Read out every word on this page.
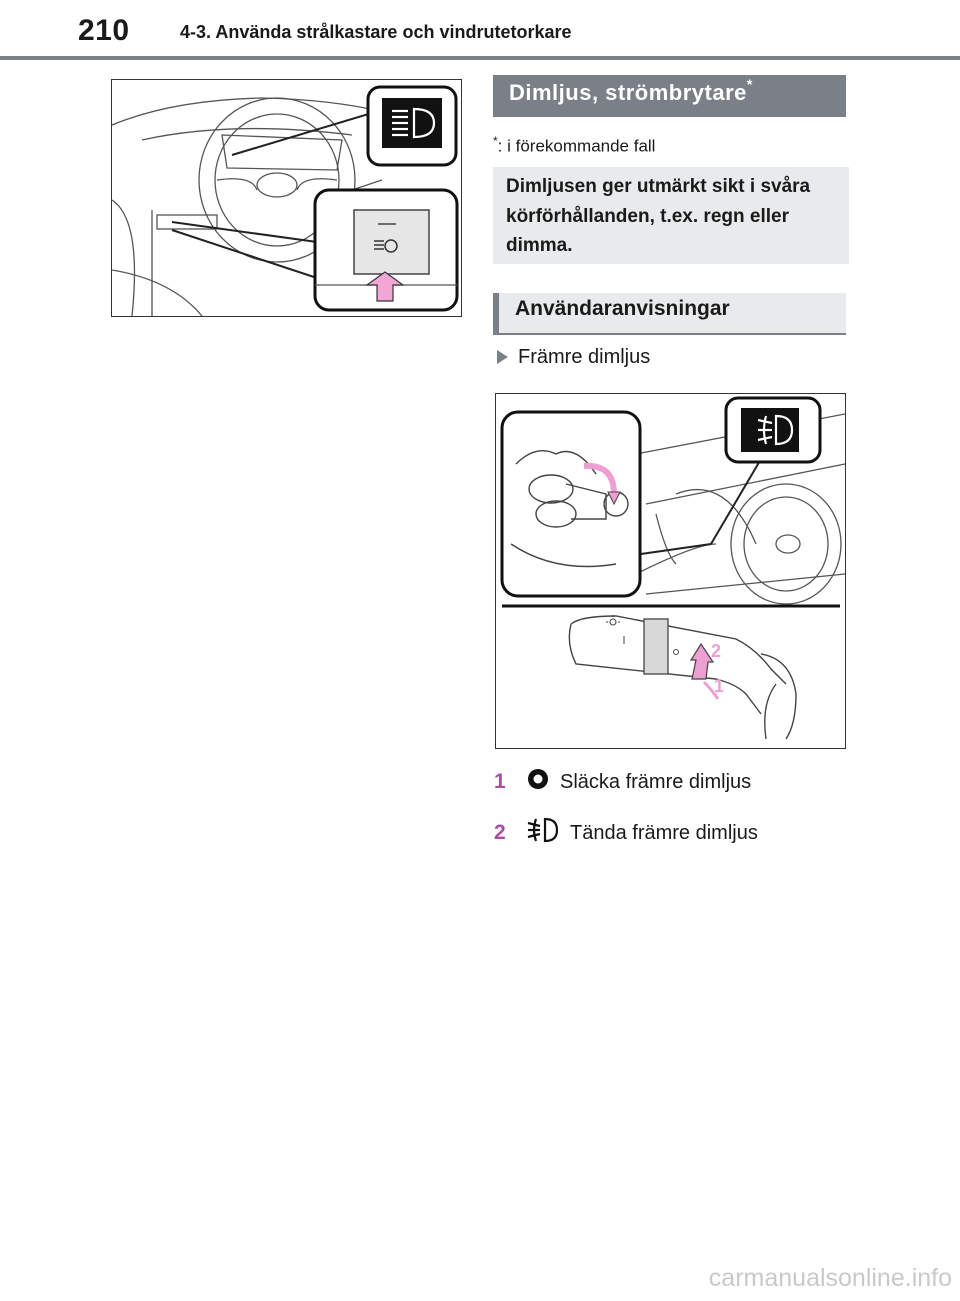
210	4-3. Använda strålkastare och vindrutetorkare
Dimljus, strömbrytare*
*: i förekommande fall
Dimljusen ger utmärkt sikt i svåra körförhållanden, t.ex. regn eller dimma.
Användaranvisningar
Främre dimljus
2
1
1	Släcka främre dimljus
2	Tända främre dimljus
carmanualsonline.info
